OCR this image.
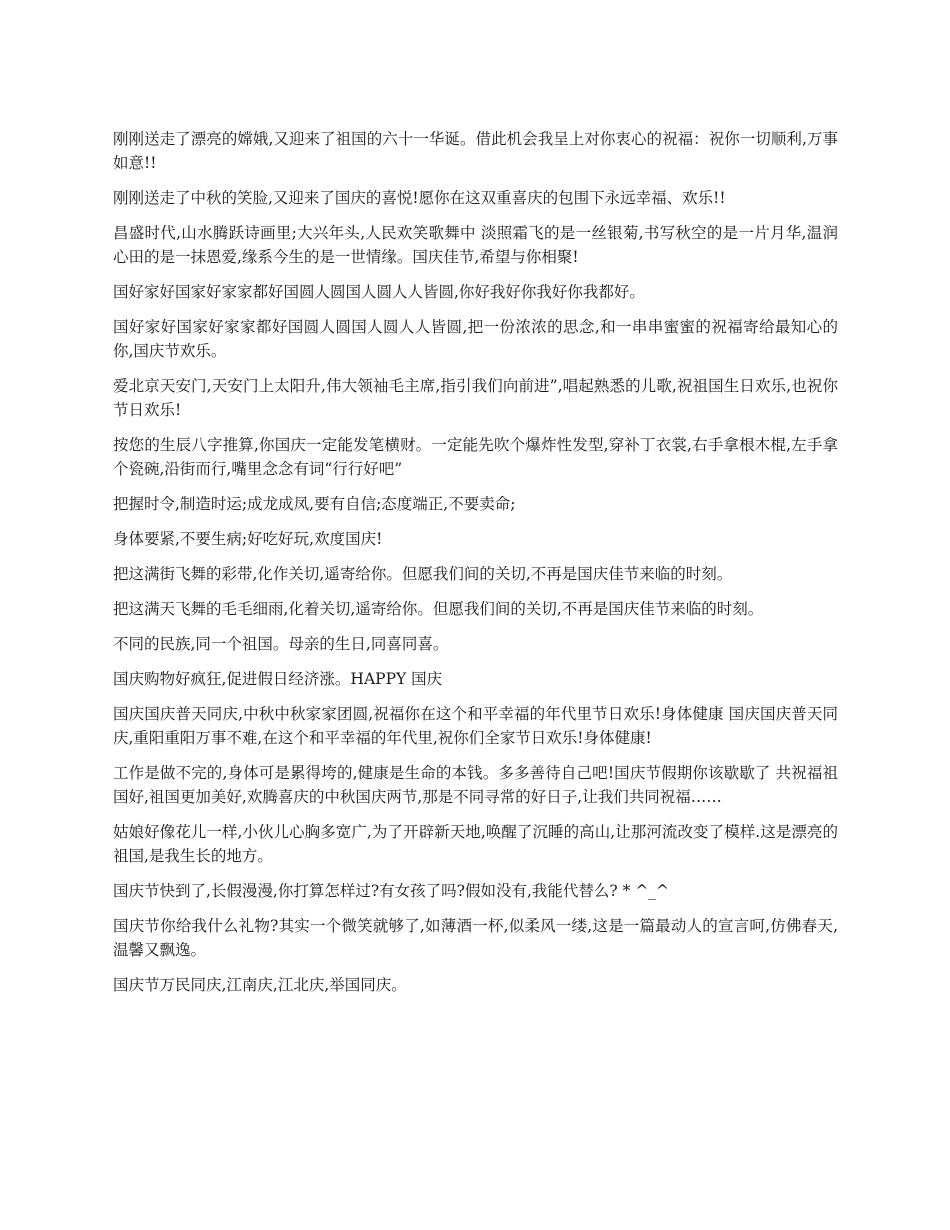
刚刚送走了漂亮的嫦娥,又迎来了祖国的六十一华诞。借此机会我呈上对你衷心的祝福：祝你一切顺利,万事如意!!

刚刚送走了中秋的笑脸,又迎来了国庆的喜悦!愿你在这双重喜庆的包围下永远幸福、欢乐!!

昌盛时代,山水腾跃诗画里;大兴年头,人民欢笑歌舞中 淡照霜飞的是一丝银菊,书写秋空的是一片月华,温润心田的是一抹恩爱,缘系今生的是一世情缘。国庆佳节,希望与你相聚!

国好家好国家好家家都好国圆人圆国人圆人人皆圆,你好我好你我好你我都好。

国好家好国家好家家都好国圆人圆国人圆人人皆圆,把一份浓浓的思念,和一串串蜜蜜的祝福寄给最知心的你,国庆节欢乐。

爱北京天安门,天安门上太阳升,伟大领袖毛主席,指引我们向前进”,唱起熟悉的儿歌,祝祖国生日欢乐,也祝你节日欢乐!

按您的生辰八字推算,你国庆一定能发笔横财。一定能先吹个爆炸性发型,穿补丁衣裳,右手拿根木棍,左手拿个瓷碗,沿街而行,嘴里念念有词“行行好吧”

把握时令,制造时运;成龙成凤,要有自信;态度端正,不要卖命;

身体要紧,不要生病;好吃好玩,欢度国庆!

把这满街飞舞的彩带,化作关切,遥寄给你。但愿我们间的关切,不再是国庆佳节来临的时刻。

把这满天飞舞的毛毛细雨,化着关切,遥寄给你。但愿我们间的关切,不再是国庆佳节来临的时刻。

不同的民族,同一个祖国。母亲的生日,同喜同喜。

国庆购物好疯狂,促进假日经济涨。HAPPY 国庆

国庆国庆普天同庆,中秋中秋家家团圆,祝福你在这个和平幸福的年代里节日欢乐!身体健康 国庆国庆普天同庆,重阳重阳万事不难,在这个和平幸福的年代里,祝你们全家节日欢乐!身体健康!

工作是做不完的,身体可是累得垮的,健康是生命的本钱。多多善待自己吧!国庆节假期你该歇歇了 共祝福祖国好,祖国更加美好,欢腾喜庆的中秋国庆两节,那是不同寻常的好日子,让我们共同祝福……

姑娘好像花儿一样,小伙儿心胸多宽广,为了开辟新天地,唤醒了沉睡的高山,让那河流改变了模样.这是漂亮的祖国,是我生长的地方。

国庆节快到了,长假漫漫,你打算怎样过?有女孩了吗?假如没有,我能代替么? * ^_^

国庆节你给我什么礼物?其实一个微笑就够了,如薄酒一杯,似柔风一缕,这是一篇最动人的宣言呵,仿佛春天,温馨又飘逸。

国庆节万民同庆,江南庆,江北庆,举国同庆。
